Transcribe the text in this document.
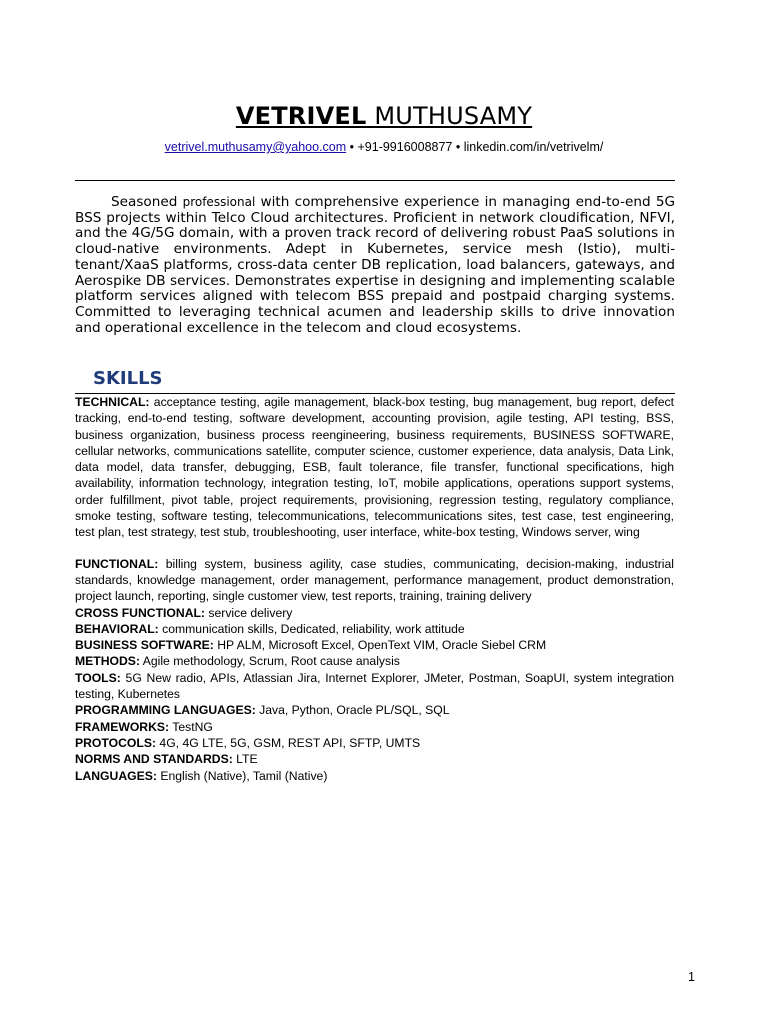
VETRIVEL MUTHUSAMY
vetrivel.muthusamy@yahoo.com • +91-9916008877 • linkedin.com/in/vetrivelm/

Seasoned professional with comprehensive experience in managing end-to-end 5G BSS projects within Telco Cloud architectures. Proficient in network cloudification, NFVI, and the 4G/5G domain, with a proven track record of delivering robust PaaS solutions in cloud-native environments. Adept in Kubernetes, service mesh (Istio), multi-tenant/XaaS platforms, cross-data center DB replication, load balancers, gateways, and Aerospike DB services. Demonstrates expertise in designing and implementing scalable platform services aligned with telecom BSS prepaid and postpaid charging systems. Committed to leveraging technical acumen and leadership skills to drive innovation and operational excellence in the telecom and cloud ecosystems.

SKILLS

TECHNICAL: acceptance testing, agile management, black-box testing, bug management, bug report, defect tracking, end-to-end testing, software development, accounting provision, agile testing, API testing, BSS, business organization, business process reengineering, business requirements, BUSINESS SOFTWARE, cellular networks, communications satellite, computer science, customer experience, data analysis, Data Link, data model, data transfer, debugging, ESB, fault tolerance, file transfer, functional specifications, high availability, information technology, integration testing, IoT, mobile applications, operations support systems, order fulfillment, pivot table, project requirements, provisioning, regression testing, regulatory compliance, smoke testing, software testing, telecommunications, telecommunications sites, test case, test engineering, test plan, test strategy, test stub, troubleshooting, user interface, white-box testing, Windows server, wing

FUNCTIONAL: billing system, business agility, case studies, communicating, decision-making, industrial standards, knowledge management, order management, performance management, product demonstration, project launch, reporting, single customer view, test reports, training, training delivery

CROSS FUNCTIONAL: service delivery

BEHAVIORAL: communication skills, Dedicated, reliability, work attitude

BUSINESS SOFTWARE: HP ALM, Microsoft Excel, OpenText VIM, Oracle Siebel CRM

METHODS: Agile methodology, Scrum, Root cause analysis

TOOLS: 5G New radio, APIs, Atlassian Jira, Internet Explorer, JMeter, Postman, SoapUI, system integration testing, Kubernetes

PROGRAMMING LANGUAGES: Java, Python, Oracle PL/SQL, SQL

FRAMEWORKS: TestNG

PROTOCOLS: 4G, 4G LTE, 5G, GSM, REST API, SFTP, UMTS

NORMS AND STANDARDS: LTE

LANGUAGES: English (Native), Tamil (Native)

1
